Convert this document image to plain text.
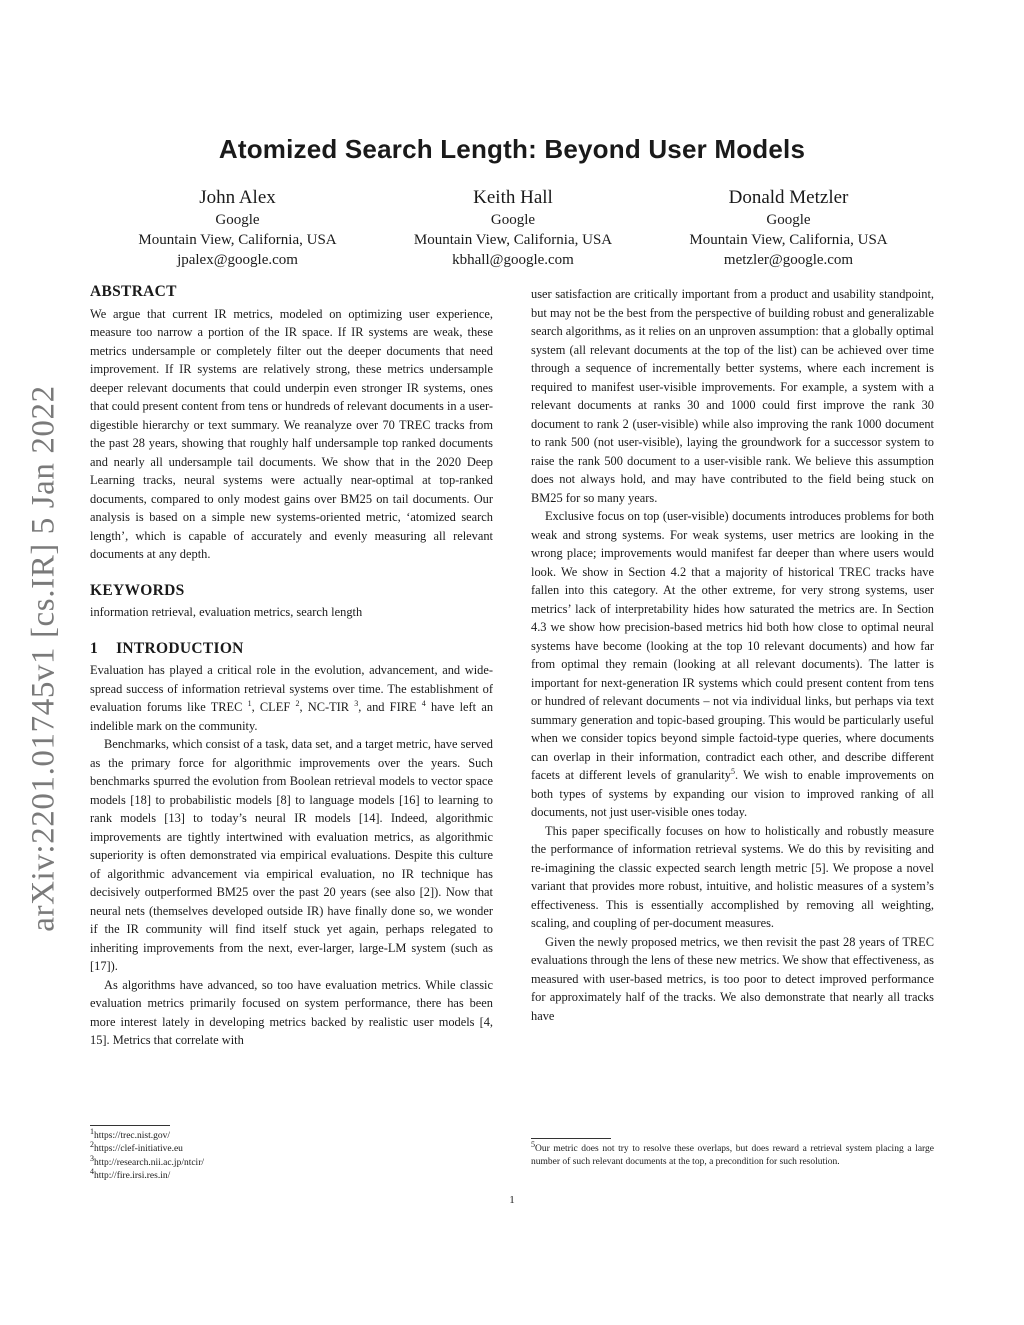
arXiv:2201.01745v1 [cs.IR] 5 Jan 2022
Atomized Search Length: Beyond User Models
John Alex
Google
Mountain View, California, USA
jpalex@google.com
Keith Hall
Google
Mountain View, California, USA
kbhall@google.com
Donald Metzler
Google
Mountain View, California, USA
metzler@google.com
ABSTRACT

We argue that current IR metrics, modeled on optimizing user experience, measure too narrow a portion of the IR space. If IR systems are weak, these metrics undersample or completely filter out the deeper documents that need improvement. If IR systems are relatively strong, these metrics undersample deeper relevant documents that could underpin even stronger IR systems, ones that could present content from tens or hundreds of relevant documents in a user-digestible hierarchy or text summary. We reanalyze over 70 TREC tracks from the past 28 years, showing that roughly half undersample top ranked documents and nearly all undersample tail documents. We show that in the 2020 Deep Learning tracks, neural systems were actually near-optimal at top-ranked documents, compared to only modest gains over BM25 on tail documents. Our analysis is based on a simple new systems-oriented metric, ‘atomized search length’, which is capable of accurately and evenly measuring all relevant documents at any depth.

KEYWORDS

information retrieval, evaluation metrics, search length

1 INTRODUCTION

Evaluation has played a critical role in the evolution, advancement, and wide-spread success of information retrieval systems over time. The establishment of evaluation forums like TREC $^1$, CLEF $^2$, NC-TIR $^3$, and FIRE $^4$ have left an indelible mark on the community.

Benchmarks, which consist of a task, data set, and a target metric, have served as the primary force for algorithmic improvements over the years. Such benchmarks spurred the evolution from Boolean retrieval models to vector space models [18] to probabilistic models [8] to language models [16] to learning to rank models [13] to today’s neural IR models [14]. Indeed, algorithmic improvements are tightly intertwined with evaluation metrics, as algorithmic superiority is often demonstrated via empirical evaluations. Despite this culture of algorithmic advancement via empirical evaluation, no IR technique has decisively outperformed BM25 over the past 20 years (see also [2]). Now that neural nets (themselves developed outside IR) have finally done so, we wonder if the IR community will find itself stuck yet again, perhaps relegated to inheriting improvements from the next, ever-larger, large-LM system (such as [17]).

As algorithms have advanced, so too have evaluation metrics. While classic evaluation metrics primarily focused on system performance, there has been more interest lately in developing metrics backed by realistic user models [4, 15]. Metrics that correlate with

user satisfaction are critically important from a product and usability standpoint, but may not be the best from the perspective of building robust and generalizable search algorithms, as it relies on an unproven assumption: that a globally optimal system (all relevant documents at the top of the list) can be achieved over time through a sequence of incrementally better systems, where each increment is required to manifest user-visible improvements. For example, a system with a relevant documents at ranks 30 and 1000 could first improve the rank 30 document to rank 2 (user-visible) while also improving the rank 1000 document to rank 500 (not user-visible), laying the groundwork for a successor system to raise the rank 500 document to a user-visible rank. We believe this assumption does not always hold, and may have contributed to the field being stuck on BM25 for so many years.

Exclusive focus on top (user-visible) documents introduces problems for both weak and strong systems. For weak systems, user metrics are looking in the wrong place; improvements would manifest far deeper than where users would look. We show in Section 4.2 that a majority of historical TREC tracks have fallen into this category. At the other extreme, for very strong systems, user metrics’ lack of interpretability hides how saturated the metrics are. In Section 4.3 we show how precision-based metrics hid both how close to optimal neural systems have become (looking at the top 10 relevant documents) and how far from optimal they remain (looking at all relevant documents). The latter is important for next-generation IR systems which could present content from tens or hundred of relevant documents – not via individual links, but perhaps via text summary generation and topic-based grouping. This would be particularly useful when we consider topics beyond simple factoid-type queries, where documents can overlap in their information, contradict each other, and describe different facets at different levels of granularity$^5$. We wish to enable improvements on both types of systems by expanding our vision to improved ranking of all documents, not just user-visible ones today.

This paper specifically focuses on how to holistically and robustly measure the performance of information retrieval systems. We do this by revisiting and re-imagining the classic expected search length metric [5]. We propose a novel variant that provides more robust, intuitive, and holistic measures of a system’s effectiveness. This is essentially accomplished by removing all weighting, scaling, and coupling of per-document measures.

Given the newly proposed metrics, we then revisit the past 28 years of TREC evaluations through the lens of these new metrics. We show that effectiveness, as measured with user-based metrics, is too poor to detect improved performance for approximately half of the tracks. We also demonstrate that nearly all tracks have

$^1$https://trec.nist.gov/
$^2$https://clef-initiative.eu
$^3$http://research.nii.ac.jp/ntcir/
$^4$http://fire.irsi.res.in/
$^5$Our metric does not try to resolve these overlaps, but does reward a retrieval system placing a large number of such relevant documents at the top, a precondition for such resolution.
1
